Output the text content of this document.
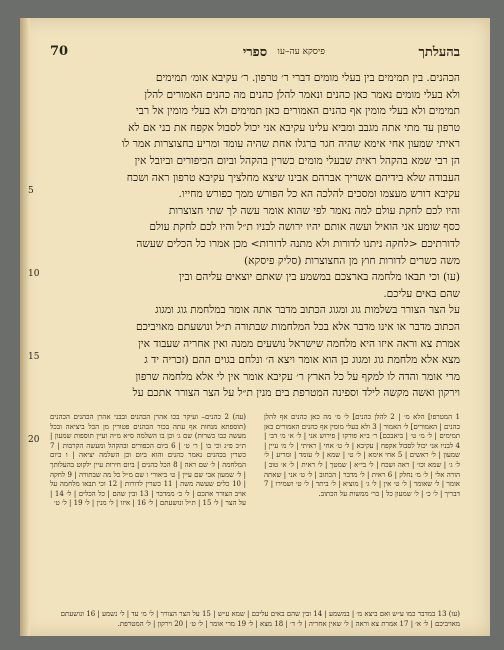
בהעלתך
פיסקא עה–עו
ספרי
70
5
10
15
20
הכהנים. בין תמימים בין בעלי מומים דברי ר׳ טרפון. ר׳ עקיבא אומ׳ תמימים
ולא בעלי מומים נאמר כאן כהנים ונאמר להלן כהנים מה כהנים האמורים להלן
תמימים ולא בעלי מומין אף כהנים האמורים כאן תמימים ולא בעלי מומין אל רבי
טרפון עד מתי אתה מגבב ומביא עלינו עקיבא אני יכול לסבול אקפח את בני אם לא
ראיתי שמעון אחי אימא שהיה חגר ברגלו אחת שהיה עומד ומריע בחצוצרות אמר לו
הן רבי שמא בהקהל ראית שבעלי מומים כשרין בהקהל וביום הכיפורים וביובל אין
העבודה שלא בידיהם אשריך אברהם אבינו שיצא מחלציך עקיבא טרפון ראה ושכח
עקיבא דורש מעצמו ומסכים להלכה הא כל הפורש ממך כפורש מחייו.
והיו לכם לחקת עולם למה נאמר לפי שהוא אומר עשה לך שתי חצוצרות
כסף שומע אני הואיל ועשה אותם יהיו ירושה לבניו ת״ל והיו לכם לחקת עולם
לדורתיכם <לחקה ניתנו לדורות ולא מתנה לדורות> מכן אמרו כל הכלים שעשה
משה כשרים לדורות חוץ מן החצוצרות (סליק פיסקא)
(עו) וכי תבאו מלחמה בארצכם במשמע בין שאתם יוצאים עליהם ובין
שהם באים עליכם.
על הצר הצורר בשלמות גוג ומגוג הכתוב מדבר אתה אומר במלחמת גוג ומגוג
הכתוב מדבר או אינו מדבר אלא בכל המלחמות שבתורה ת״ל ונושעתם מאויביכם
אמרת צא וראה איזו היא מלחמה שישראל נושעים ממנה ואין אחריה שעבוד אין
מצא אלא מלחמת גוג ומגוג כן הוא אומר ויצא ה׳ ונלחם בגוים ההם (זכריה יד ג
מרי אומר והדה לו למקף על כל הארץ ר׳ עקיבא אומר אין לי אלא מלחמה שרפון
וירקון ואשה מקשה לילד וספינה המטרפת בים מנין ת״ל על הצר הצורר אתכם על
1 המטרפו] הלא מ׳ | 2 להלן כהנים] ל׳ מ׳ מה כאן כהנים אף להלן כהנים | האמורים] ל׳ האמור | 3 ולא בעלי מומין אף כהנים האמורים כאן תמימים | ל׳ מ׳ ט׳ | ביאבכם] ר׳ ב״א פורקו | פירוש אני | ל׳ א׳ מ׳ דב׳ | 4 לבניו אני יכול לסבול אקפח | עקיבא | ל׳ ט׳ אחי | ראיתי | ל׳ מ׳ עיין | שמעון | ל׳ ראשים | 5 אחי אימא | ל׳ ט׳ | שמא | ל׳ עומד | ומריע | ל׳ ל׳ ג׳ | שמא וכו׳ | ראה ושכח | ל׳ בי״א | שמטך | ל׳ ראית | ל׳ א׳ טוב | הורה אלי | ל׳ מ׳ נחלק | 6 ראית | ל׳ מדבר | הכתוב | ל׳ ט׳ אני | שאתה אומר | ל׳ שאומר | ל׳ ט׳ אין | ל׳ ג׳ | מוציא | ל׳ ביתר | ל׳ ט׳ ושמירו | 7 דבריך | ל׳ כ׳ | ל׳ שמעון כל | כר׳ ממשות על הכתוב.
(עה) 2 כהנים– ועיקר בכו אהרן הכהנים ובבני אהרן הכהנים הכהנים (תוספתא מנחות אף עתה בכור הכהנים פטורין מן הכל ביציאה ובכל מעשה כבו כשרות) שם ג׳ וכן בו השלמה ס״א מ״ה ועיין תוספות שמעון | ת״כ פ״ג וכי בו | ר׳ ט׳ | 6 ביום הכפורים ובהקהל ומעשה הקרבות | 7 כשרין בכהנים נאמר כהנים והוא ביום וכן השלמה יציאה | ו ביום המלחמה | ל׳ שם ראה | 8 הכל כהנים | ביום חירות עיין ילקוט בהעלותך | ל׳ שמעון אבי שם עיין | ט׳ ביאורי ו שם מ״ל כל מה שבתורה | 9 לחקה | 10 כלים שעשה משה | 11 כשרין לדורות | 12 וכי תבאו מלחמה על אויב הצורר אתכם | ל׳ כ׳ ממדבר | 13 ובין שהם | כל הכלים | ל׳ 14 | על הצר | ל׳ 15 | ת״ל ונושעתם | ל׳ 16 | איזו | ל׳ מנין | ל׳ 19 | ל׳ ט׳
(עו) 13 במדבר כמו ע״ש ואם ביצא מ׳ | במשמע | 14 ובין שהם באים עליכם | שמא ע״ש | 15 על הצר הצורר | ל׳ מ׳ עד | ל׳ נשמע | 16 ונושעתם מאויביכם | ל׳ א׳ | 17 אמרת צא וראה | ל׳ שאין אחריה | ל׳ ד׳ | 18 מצא | ל׳ 19 מרי אומר | ל׳ ט׳ | 20 וירקון | ל׳ המטרפת.
